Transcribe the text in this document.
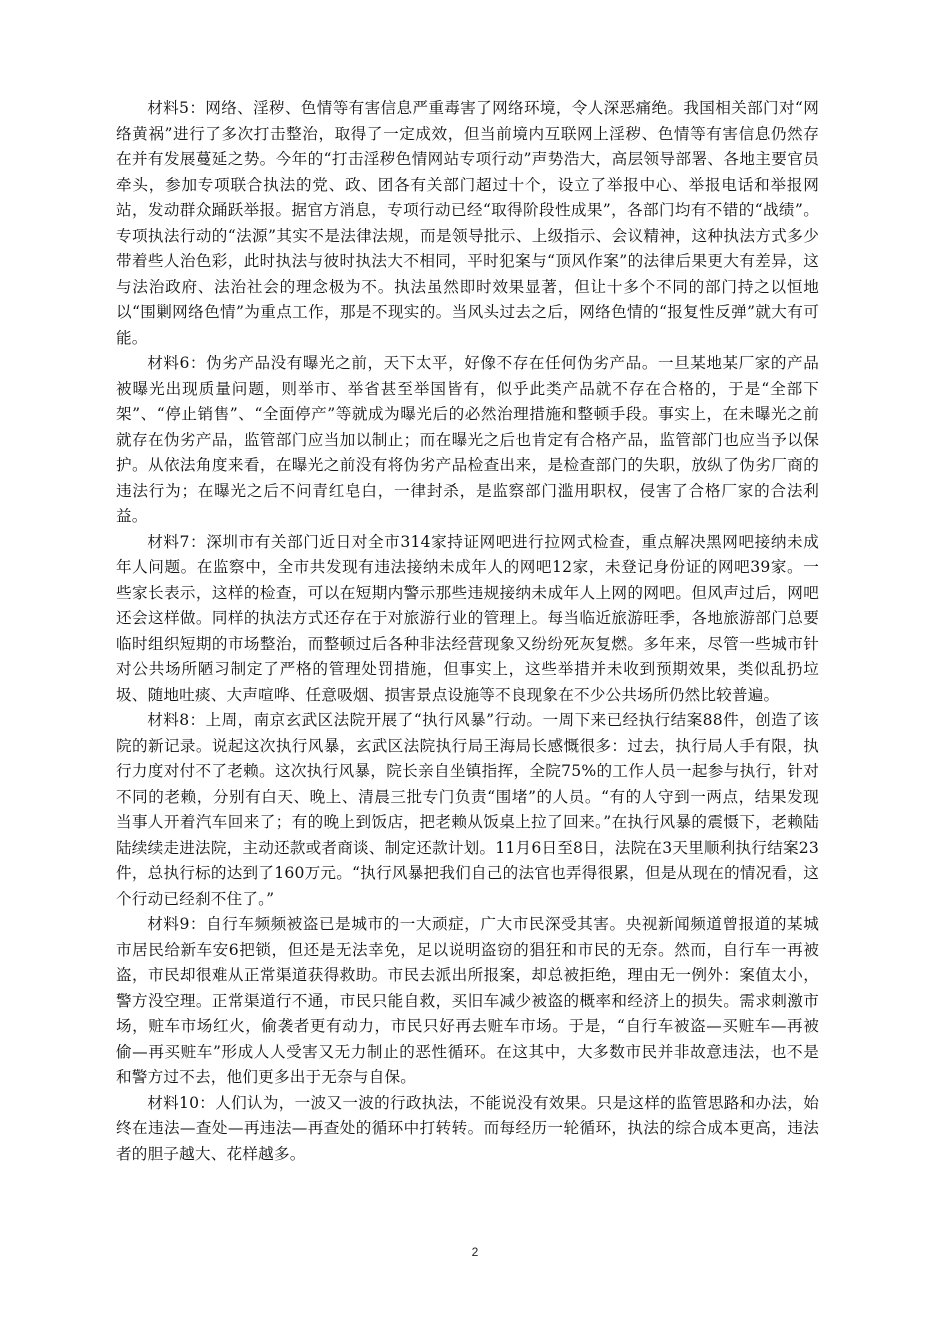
材料5：网络、淫秽、色情等有害信息严重毒害了网络环境，令人深恶痛绝。我国相关部门对“网络黄祸”进行了多次打击整治，取得了一定成效，但当前境内互联网上淫秽、色情等有害信息仍然存在并有发展蔓延之势。今年的“打击淫秽色情网站专项行动”声势浩大，高层领导部署、各地主要官员牵头，参加专项联合执法的党、政、团各有关部门超过十个，设立了举报中心、举报电话和举报网站，发动群众踊跃举报。据官方消息，专项行动已经“取得阶段性成果”，各部门均有不错的“战绩”。专项执法行动的“法源”其实不是法律法规，而是领导批示、上级指示、会议精神，这种执法方式多少带着些人治色彩，此时执法与彼时执法大不相同，平时犯案与“顶风作案”的法律后果更大有差异，这与法治政府、法治社会的理念极为不。执法虽然即时效果显著，但让十多个不同的部门持之以恒地以“围剿网络色情”为重点工作，那是不现实的。当风头过去之后，网络色情的“报复性反弹”就大有可能。

材料6：伪劣产品没有曝光之前，天下太平，好像不存在任何伪劣产品。一旦某地某厂家的产品被曝光出现质量问题，则举市、举省甚至举国皆有，似乎此类产品就不存在合格的，于是“全部下架”、“停止销售”、“全面停产”等就成为曝光后的必然治理措施和整顿手段。事实上，在未曝光之前就存在伪劣产品，监管部门应当加以制止；而在曝光之后也肯定有合格产品，监管部门也应当予以保护。从依法角度来看，在曝光之前没有将伪劣产品检查出来，是检查部门的失职，放纵了伪劣厂商的违法行为；在曝光之后不问青红皂白，一律封杀，是监察部门滥用职权，侵害了合格厂家的合法利益。

材料7：深圳市有关部门近日对全市314家持证网吧进行拉网式检查，重点解决黑网吧接纳未成年人问题。在监察中，全市共发现有违法接纳未成年人的网吧12家，未登记身份证的网吧39家。一些家长表示，这样的检查，可以在短期内警示那些违规接纳未成年人上网的网吧。但风声过后，网吧还会这样做。同样的执法方式还存在于对旅游行业的管理上。每当临近旅游旺季，各地旅游部门总要临时组织短期的市场整治，而整顿过后各种非法经营现象又纷纷死灰复燃。多年来，尽管一些城市针对公共场所陋习制定了严格的管理处罚措施，但事实上，这些举措并未收到预期效果，类似乱扔垃圾、随地吐痰、大声喧哗、任意吸烟、损害景点设施等不良现象在不少公共场所仍然比较普遍。

材料8：上周，南京玄武区法院开展了“执行风暴”行动。一周下来已经执行结案88件，创造了该院的新记录。说起这次执行风暴，玄武区法院执行局王海局长感慨很多：过去，执行局人手有限，执行力度对付不了老赖。这次执行风暴，院长亲自坐镇指挥，全院75%的工作人员一起参与执行，针对不同的老赖，分别有白天、晚上、清晨三批专门负责“围堵”的人员。“有的人守到一两点，结果发现当事人开着汽车回来了；有的晚上到饭店，把老赖从饭桌上拉了回来。”在执行风暴的震慑下，老赖陆陆续续走进法院，主动还款或者商谈、制定还款计划。11月6日至8日，法院在3天里顺利执行结案23件，总执行标的达到了160万元。“执行风暴把我们自己的法官也弄得很累，但是从现在的情况看，这个行动已经刹不住了。”

材料9：自行车频频被盗已是城市的一大顽症，广大市民深受其害。央视新闻频道曾报道的某城市居民给新车安6把锁，但还是无法幸免，足以说明盗窃的猖狂和市民的无奈。然而，自行车一再被盗，市民却很难从正常渠道获得救助。市民去派出所报案，却总被拒绝，理由无一例外：案值太小，警方没空理。正常渠道行不通，市民只能自救，买旧车减少被盗的概率和经济上的损失。需求刺激市场，赃车市场红火，偷袭者更有动力，市民只好再去赃车市场。于是，“自行车被盗—买赃车—再被偷—再买赃车”形成人人受害又无力制止的恶性循环。在这其中，大多数市民并非故意违法，也不是和警方过不去，他们更多出于无奈与自保。

材料10：人们认为，一波又一波的行政执法，不能说没有效果。只是这样的监管思路和办法，始终在违法—查处—再违法—再查处的循环中打转转。而每经历一轮循环，执法的综合成本更高，违法者的胆子越大、花样越多。

2
